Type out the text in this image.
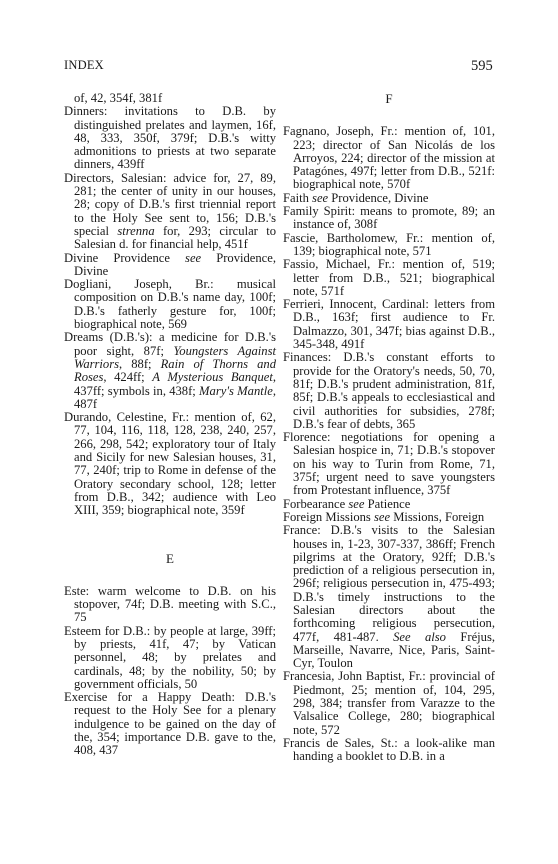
INDEX	595
of, 42, 354f, 381f
Dinners: invitations to D.B. by distinguished prelates and laymen, 16f, 48, 333, 350f, 379f; D.B.'s witty admonitions to priests at two separate dinners, 439ff
Directors, Salesian: advice for, 27, 89, 281; the center of unity in our houses, 28; copy of D.B.'s first triennial report to the Holy See sent to, 156; D.B.'s special strenna for, 293; circular to Salesian d. for financial help, 451f
Divine Providence see Providence, Divine
Dogliani, Joseph, Br.: musical composition on D.B.'s name day, 100f; D.B.'s fatherly gesture for, 100f; biographical note, 569
Dreams (D.B.'s): a medicine for D.B.'s poor sight, 87f; Youngsters Against Warriors, 88f; Rain of Thorns and Roses, 424ff; A Mysterious Banquet, 437ff; symbols in, 438f; Mary's Mantle, 487f
Durando, Celestine, Fr.: mention of, 62, 77, 104, 116, 118, 128, 238, 240, 257, 266, 298, 542; exploratory tour of Italy and Sicily for new Salesian houses, 31, 77, 240f; trip to Rome in defense of the Oratory secondary school, 128; letter from D.B., 342; audience with Leo XIII, 359; biographical note, 359f
E
Este: warm welcome to D.B. on his stopover, 74f; D.B. meeting with S.C., 75
Esteem for D.B.: by people at large, 39ff; by priests, 41f, 47; by Vatican personnel, 48; by prelates and cardinals, 48; by the nobility, 50; by government officials, 50
Exercise for a Happy Death: D.B.'s request to the Holy See for a plenary indulgence to be gained on the day of the, 354; importance D.B. gave to the, 408, 437
F
Fagnano, Joseph, Fr.: mention of, 101, 223; director of San Nicolás de los Arroyos, 224; director of the mission at Patagónes, 497f; letter from D.B., 521f: biographical note, 570f
Faith see Providence, Divine
Family Spirit: means to promote, 89; an instance of, 308f
Fascie, Bartholomew, Fr.: mention of, 139; biographical note, 571
Fassio, Michael, Fr.: mention of, 519; letter from D.B., 521; biographical note, 571f
Ferrieri, Innocent, Cardinal: letters from D.B., 163f; first audience to Fr. Dalmazzo, 301, 347f; bias against D.B., 345-348, 491f
Finances: D.B.'s constant efforts to provide for the Oratory's needs, 50, 70, 81f; D.B.'s prudent administration, 81f, 85f; D.B.'s appeals to ecclesiastical and civil authorities for subsidies, 278f; D.B.'s fear of debts, 365
Florence: negotiations for opening a Salesian hospice in, 71; D.B.'s stopover on his way to Turin from Rome, 71, 375f; urgent need to save youngsters from Protestant influence, 375f
Forbearance see Patience
Foreign Missions see Missions, Foreign
France: D.B.'s visits to the Salesian houses in, 1-23, 307-337, 386ff; French pilgrims at the Oratory, 92ff; D.B.'s prediction of a religious persecution in, 296f; religious persecution in, 475-493; D.B.'s timely instructions to the Salesian directors about the forthcoming religious persecution, 477f, 481-487. See also Fréjus, Marseille, Navarre, Nice, Paris, Saint-Cyr, Toulon
Francesia, John Baptist, Fr.: provincial of Piedmont, 25; mention of, 104, 295, 298, 384; transfer from Varazze to the Valsalice College, 280; biographical note, 572
Francis de Sales, St.: a look-alike man handing a booklet to D.B. in a
